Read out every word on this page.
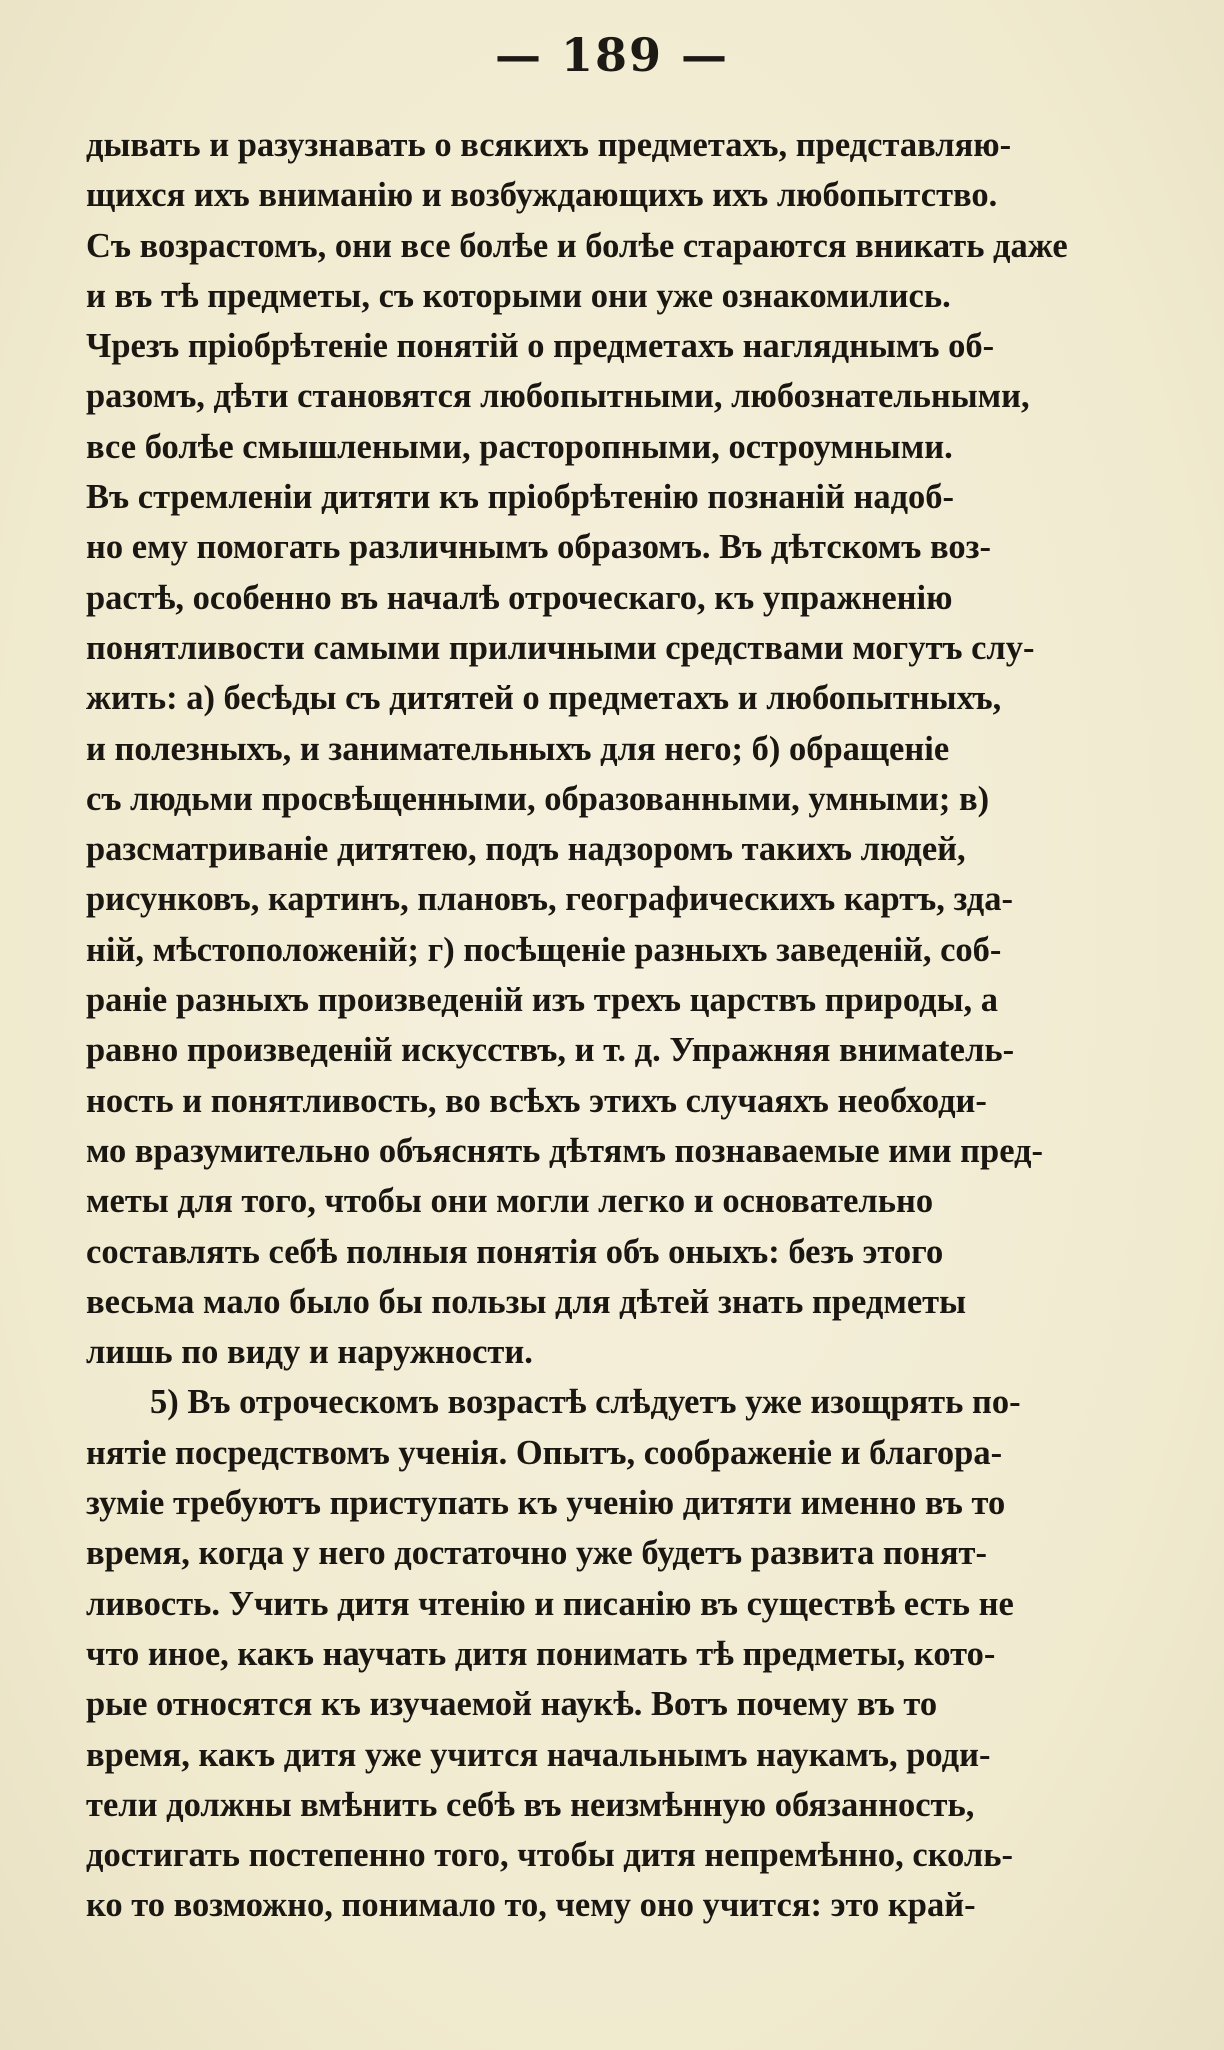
— 189 —
дывать и разузнавать о всякихъ предметахъ, представляю-
щихся ихъ вниманію и возбуждающихъ ихъ любопытство.
Съ возрастомъ, они все болѣе и болѣе стараются вникать даже
и въ тѣ предметы, съ которыми они уже ознакомились.
Чрезъ пріобрѣтеніе понятій о предметахъ нагляднымъ об-
разомъ, дѣти становятся любопытными, любознательными,
все болѣе смышлеными, расторопными, остроумными.
Въ стремленіи дитяти къ пріобрѣтенію познаній надоб-
но ему помогать различнымъ образомъ. Въ дѣтскомъ воз-
растѣ, особенно въ началѣ отроческаго, къ упражненію
понятливости самыми приличными средствами могутъ слу-
жить: а) бесѣды съ дитятей о предметахъ и любопытныхъ,
и полезныхъ, и занимательныхъ для него; б) обращеніе
съ людьми просвѣщенными, образованными, умными; в)
разсматриваніе дитятею, подъ надзоромъ такихъ людей,
рисунковъ, картинъ, плановъ, географическихъ картъ, зда-
ній, мѣстоположеній; г) посѣщеніе разныхъ заведеній, соб-
раніе разныхъ произведеній изъ трехъ царствъ природы, а
равно произведеній искусствъ, и т. д. Упражняя внимatель-
ность и понятливость, во всѣхъ этихъ случаяхъ необходи-
мо вразумительно объяснять дѣтямъ познаваемые ими пред-
меты для того, чтобы они могли легко и основательно
составлять себѣ полныя понятія объ оныхъ: безъ этого
весьма мало было бы пользы для дѣтей знать предметы
лишь по виду и наружности.
5) Въ отроческомъ возрастѣ слѣдуетъ уже изощрять по-
нятіе посредствомъ ученія. Опытъ, соображеніе и благора-
зуміе требуютъ приступать къ ученію дитяти именно въ то
время, когда у него достаточно уже будетъ развита понят-
ливость. Учить дитя чтенію и писанію въ существѣ есть не
что иное, какъ научать дитя понимать тѣ предметы, кото-
рые относятся къ изучаемой наукѣ. Вотъ почему въ то
время, какъ дитя уже учится начальнымъ наукамъ, роди-
тели должны вмѣнить себѣ въ неизмѣнную обязанность,
достигать постепенно того, чтобы дитя непремѣнно, сколь-
ко то возможно, понимало то, чему оно учится: это край-
